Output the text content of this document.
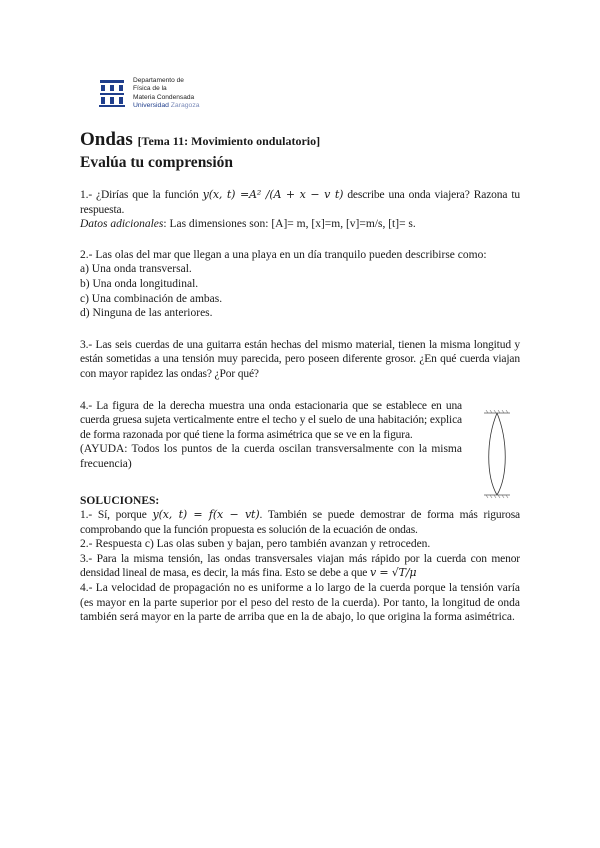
Departamento de
Física de la
Materia Condensada
Universidad Zaragoza
Ondas [Tema 11: Movimiento ondulatorio]
Evalúa tu comprensión

1.- ¿Dirías que la función y(x, t) =A² /(A + x − v t) describe una onda viajera? Razona tu respuesta.

Datos adicionales: Las dimensiones son: [A]= m, [x]=m, [v]=m/s, [t]= s.

2.- Las olas del mar que llegan a una playa en un día tranquilo pueden describirse como:

a) Una onda transversal.
b) Una onda longitudinal.
c) Una combinación de ambas.
d) Ninguna de las anteriores.

3.- Las seis cuerdas de una guitarra están hechas del mismo material, tienen la misma longitud y están sometidas a una tensión muy parecida, pero poseen diferente grosor. ¿En qué cuerda viajan con mayor rapidez las ondas? ¿Por qué?

4.- La figura de la derecha muestra una onda estacionaria que se establece en una cuerda gruesa sujeta verticalmente entre el techo y el suelo de una habitación; explica de forma razonada por qué tiene la forma asimétrica que se ve en la figura.

(AYUDA: Todos los puntos de la cuerda oscilan transversalmente con la misma frecuencia)

SOLUCIONES:

1.- Sí, porque y(x, t) = f(x − vt). También se puede demostrar de forma más rigurosa comprobando que la función propuesta es solución de la ecuación de ondas.

2.- Respuesta c) Las olas suben y bajan, pero también avanzan y retroceden.

3.- Para la misma tensión, las ondas transversales viajan más rápido por la cuerda con menor densidad lineal de masa, es decir, la más fina. Esto se debe a que v = √T/μ

4.- La velocidad de propagación no es uniforme a lo largo de la cuerda porque la tensión varía (es mayor en la parte superior por el peso del resto de la cuerda). Por tanto, la longitud de onda también será mayor en la parte de arriba que en la de abajo, lo que origina la forma asimétrica.
